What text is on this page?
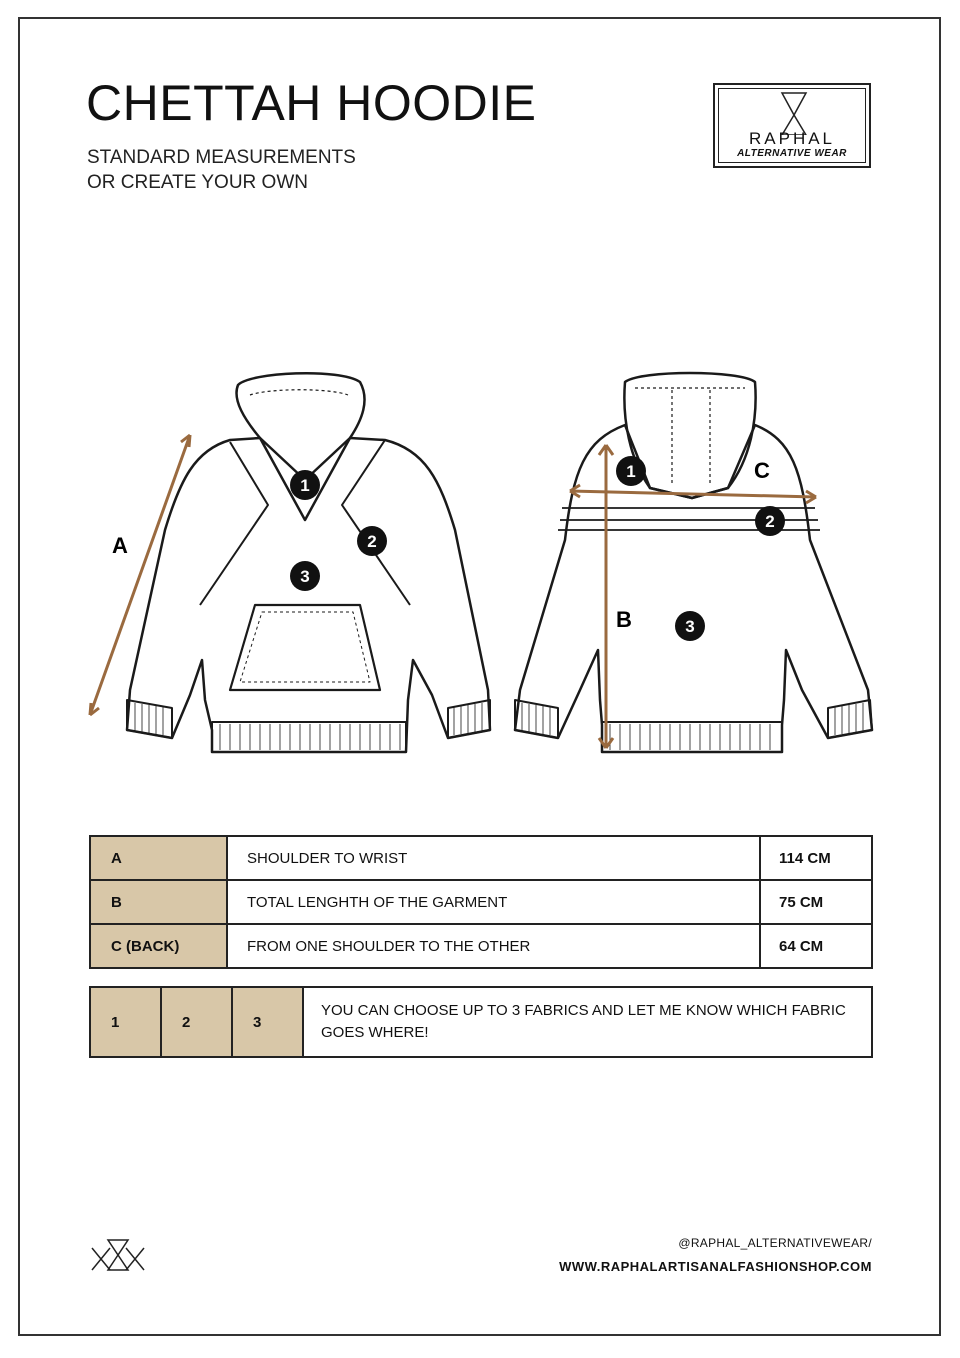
CHETTAH HOODIE
STANDARD MEASUREMENTS
OR CREATE YOUR OWN
RAPHAL
ALTERNATIVE WEAR
A
1
2
3
B
C
1
2
3
A	SHOULDER TO WRIST	114 CM
B	TOTAL LENGHTH OF THE GARMENT	75 CM
C (BACK)	FROM ONE SHOULDER TO THE OTHER	64 CM
1	2	3	YOU CAN CHOOSE UP TO 3 FABRICS AND LET ME KNOW WHICH FABRIC GOES WHERE!
@RAPHAL_ALTERNATIVEWEAR/
WWW.RAPHALARTISANALFASHIONSHOP.COM
